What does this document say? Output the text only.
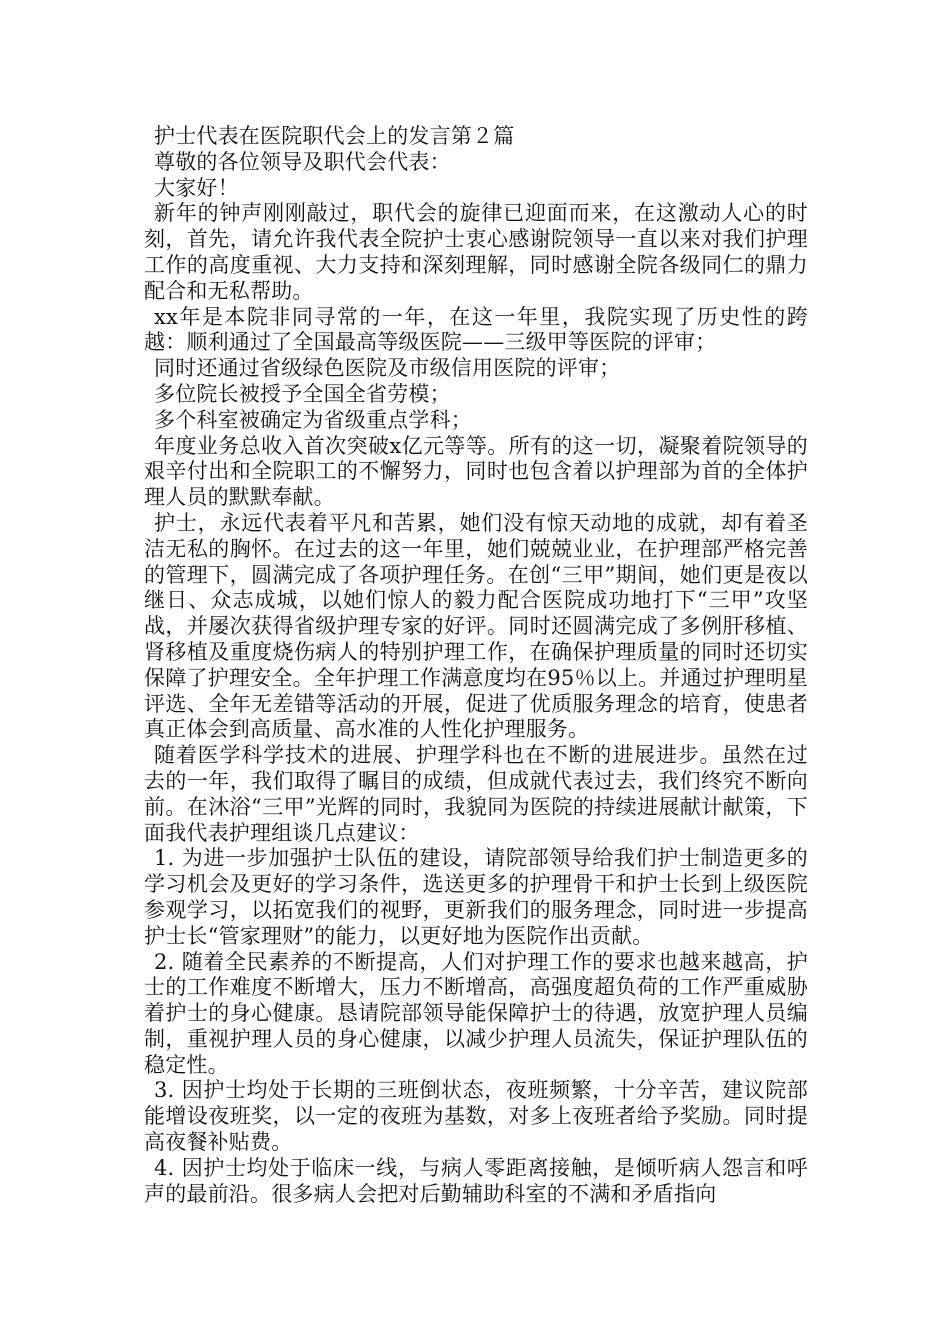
护士代表在医院职代会上的发言第２篇

尊敬的各位领导及职代会代表：

大家好！

新年的钟声刚刚敲过，职代会的旋律已迎面而来，在这激动人心的时刻，首先，请允许我代表全院护士衷心感谢院领导一直以来对我们护理工作的高度重视、大力支持和深刻理解，同时感谢全院各级同仁的鼎力配合和无私帮助。

xx年是本院非同寻常的一年，在这一年里，我院实现了历史性的跨越：顺利通过了全国最高等级医院——三级甲等医院的评审；

同时还通过省级绿色医院及市级信用医院的评审；

多位院长被授予全国全省劳模；

多个科室被确定为省级重点学科；

年度业务总收入首次突破x亿元等等。所有的这一切，凝聚着院领导的艰辛付出和全院职工的不懈努力，同时也包含着以护理部为首的全体护理人员的默默奉献。

护士，永远代表着平凡和苦累，她们没有惊天动地的成就，却有着圣洁无私的胸怀。在过去的这一年里，她们兢兢业业，在护理部严格完善的管理下，圆满完成了各项护理任务。在创“三甲”期间，她们更是夜以继日、众志成城，以她们惊人的毅力配合医院成功地打下“三甲”攻坚战，并屡次获得省级护理专家的好评。同时还圆满完成了多例肝移植、肾移植及重度烧伤病人的特别护理工作，在确保护理质量的同时还切实保障了护理安全。全年护理工作满意度均在95％以上。并通过护理明星评选、全年无差错等活动的开展，促进了优质服务理念的培育，使患者真正体会到高质量、高水准的人性化护理服务。

随着医学科学技术的进展、护理学科也在不断的进展进步。虽然在过去的一年，我们取得了瞩目的成绩，但成就代表过去，我们终究不断向前。在沐浴“三甲”光辉的同时，我貌同为医院的持续进展献计献策，下面我代表护理组谈几点建议：

1. 为进一步加强护士队伍的建设，请院部领导给我们护士制造更多的学习机会及更好的学习条件，选送更多的护理骨干和护士长到上级医院参观学习，以拓宽我们的视野，更新我们的服务理念，同时进一步提高护士长“管家理财”的能力，以更好地为医院作出贡献。

2. 随着全民素养的不断提高，人们对护理工作的要求也越来越高，护士的工作难度不断增大，压力不断增高，高强度超负荷的工作严重威胁着护士的身心健康。恳请院部领导能保障护士的待遇，放宽护理人员编制，重视护理人员的身心健康，以减少护理人员流失，保证护理队伍的稳定性。

3. 因护士均处于长期的三班倒状态，夜班频繁，十分辛苦，建议院部能增设夜班奖，以一定的夜班为基数，对多上夜班者给予奖励。同时提高夜餐补贴费。

4. 因护士均处于临床一线，与病人零距离接触，是倾听病人怨言和呼声的最前沿。很多病人会把对后勤辅助科室的不满和矛盾指向
